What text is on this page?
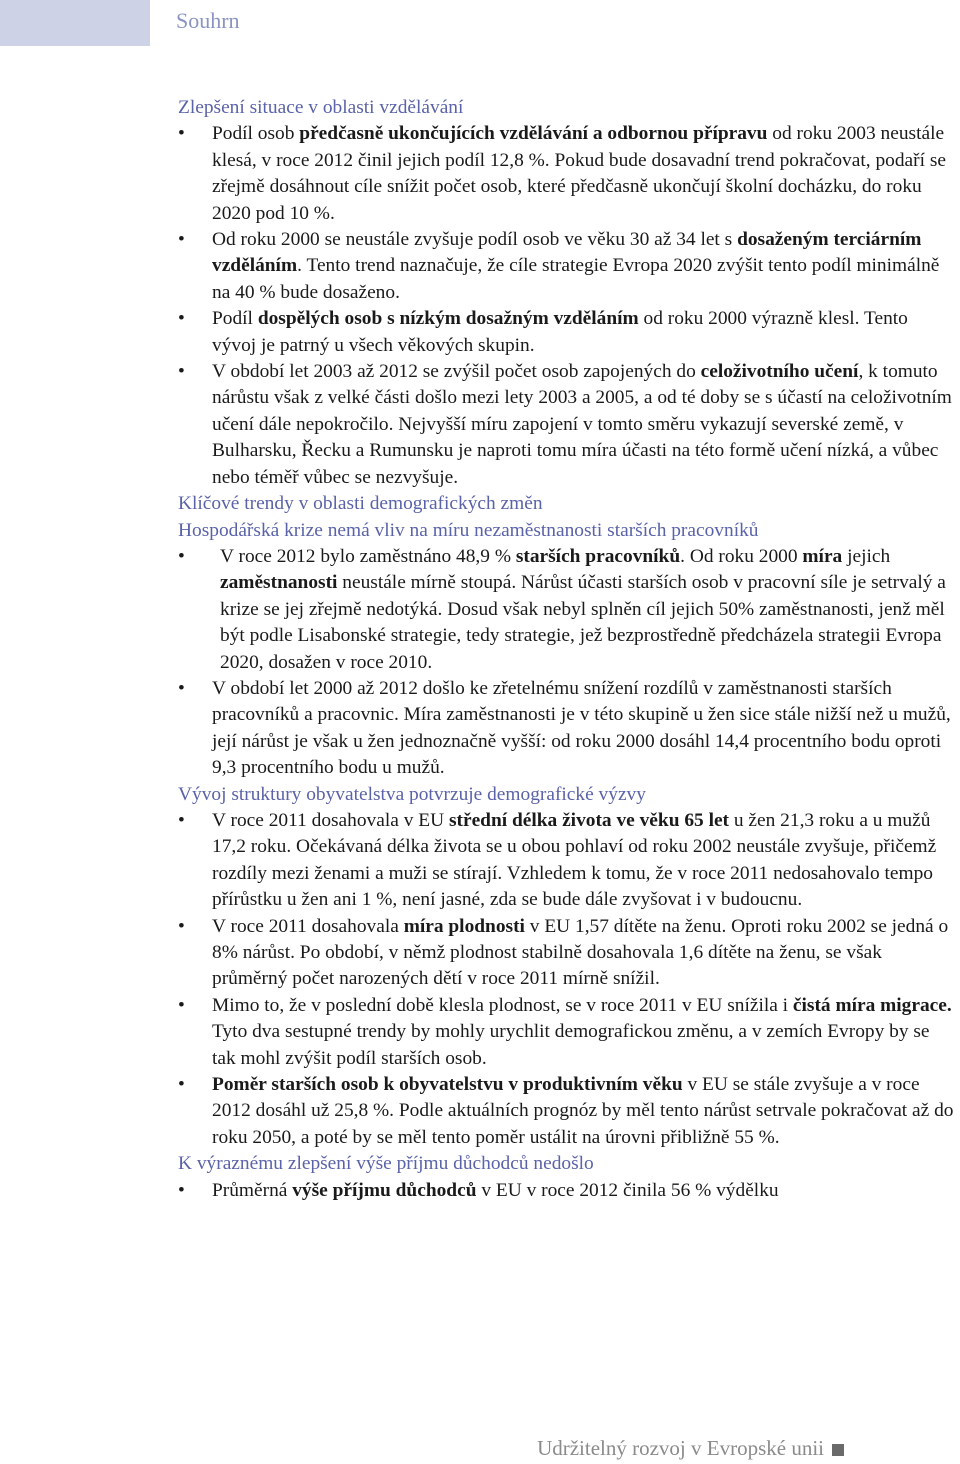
Souhrn

Zlepšení situace v oblasti vzdělávání

• Podíl osob předčasně ukončujících vzdělávání a odbornou přípravu od roku 2003 neustále klesá, v roce 2012 činil jejich podíl 12,8 %. Pokud bude dosavadní trend pokračovat, podaří se zřejmě dosáhnout cíle snížit počet osob, které předčasně ukončují školní docházku, do roku 2020 pod 10 %.
• Od roku 2000 se neustále zvyšuje podíl osob ve věku 30 až 34 let s dosaženým terciárním vzděláním. Tento trend naznačuje, že cíle strategie Evropa 2020 zvýšit tento podíl minimálně na 40 % bude dosaženo.
• Podíl dospělých osob s nízkým dosažným vzděláním od roku 2000 výrazně klesl. Tento vývoj je patrný u všech věkových skupin.
• V období let 2003 až 2012 se zvýšil počet osob zapojených do celoživotního učení, k tomuto nárůstu však z velké části došlo mezi lety 2003 a 2005, a od té doby se s účastí na celoživotním učení dále nepokročilo. Nejvyšší míru zapojení v tomto směru vykazují severské země, v Bulharsku, Řecku a Rumunsku je naproti tomu míra účasti na této formě učení nízká, a vůbec nebo téměř vůbec se nezvyšuje.

Klíčové trendy v oblasti demografických změn

Hospodářská krize nemá vliv na míru nezaměstnanosti starších pracovníků

• V roce 2012 bylo zaměstnáno 48,9 % starších pracovníků. Od roku 2000 míra jejich zaměstnanosti neustále mírně stoupá. Nárůst účasti starších osob v pracovní síle je setrvalý a krize se jej zřejmě nedotýká. Dosud však nebyl splněn cíl jejich 50% zaměstnanosti, jenž měl být podle Lisabonské strategie, tedy strategie, jež bezprostředně předcházela strategii Evropa 2020, dosažen v roce 2010.
• V období let 2000 až 2012 došlo ke zřetelnému snížení rozdílů v zaměstnanosti starších pracovníků a pracovnic. Míra zaměstnanosti je v této skupině u žen sice stále nižší než u mužů, její nárůst je však u žen jednoznačně vyšší: od roku 2000 dosáhl 14,4 procentního bodu oproti 9,3 procentního bodu u mužů.

Vývoj struktury obyvatelstva potvrzuje demografické výzvy

• V roce 2011 dosahovala v EU střední délka života ve věku 65 let u žen 21,3 roku a u mužů 17,2 roku. Očekávaná délka života se u obou pohlaví od roku 2002 neustále zvyšuje, přičemž rozdíly mezi ženami a muži se stírají. Vzhledem k tomu, že v roce 2011 nedosahovalo tempo přírůstku u žen ani 1 %, není jasné, zda se bude dále zvyšovat i v budoucnu.
• V roce 2011 dosahovala míra plodnosti v EU 1,57 dítěte na ženu. Oproti roku 2002 se jedná o 8% nárůst. Po období, v němž plodnost stabilně dosahovala 1,6 dítěte na ženu, se však průměrný počet narozených dětí v roce 2011 mírně snížil.
• Mimo to, že v poslední době klesla plodnost, se v roce 2011 v EU snížila i čistá míra migrace. Tyto dva sestupné trendy by mohly urychlit demografickou změnu, a v zemích Evropy by se tak mohl zvýšit podíl starších osob.
• Poměr starších osob k obyvatelstvu v produktivním věku v EU se stále zvyšuje a v roce 2012 dosáhl už 25,8 %. Podle aktuálních prognóz by měl tento nárůst setrvale pokračovat až do roku 2050, a poté by se měl tento poměr ustálit na úrovni přibližně 55 %.

K výraznému zlepšení výše příjmu důchodců nedošlo

• Průměrná výše příjmu důchodců v EU v roce 2012 činila 56 % výdělku
Udržitelný rozvoj v Evropské unii
